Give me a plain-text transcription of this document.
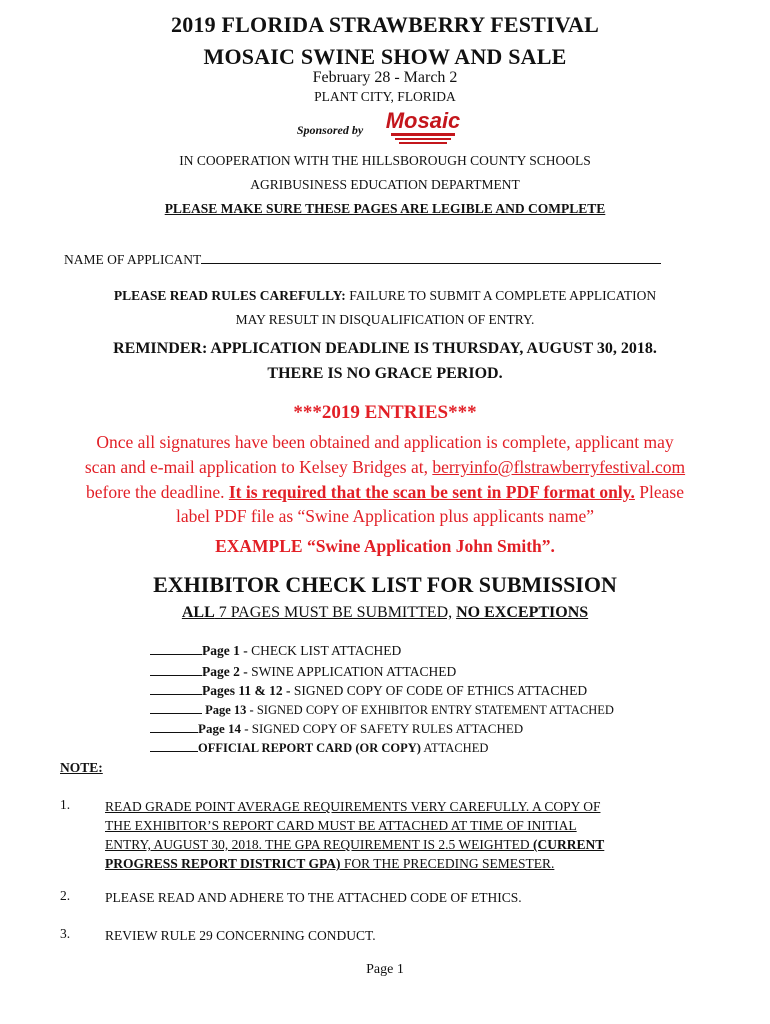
2019 FLORIDA STRAWBERRY FESTIVAL
MOSAIC SWINE SHOW AND SALE
February 28 - March 2
PLANT CITY, FLORIDA
Sponsored by Mosaic
IN COOPERATION WITH THE HILLSBOROUGH COUNTY SCHOOLS
AGRIBUSINESS EDUCATION DEPARTMENT
PLEASE MAKE SURE THESE PAGES ARE LEGIBLE AND COMPLETE
NAME OF APPLICANT
PLEASE READ RULES CAREFULLY: FAILURE TO SUBMIT A COMPLETE APPLICATION
MAY RESULT IN DISQUALIFICATION OF ENTRY.
REMINDER: APPLICATION DEADLINE IS THURSDAY, AUGUST 30, 2018.
THERE IS NO GRACE PERIOD.
***2019 ENTRIES***
Once all signatures have been obtained and application is complete, applicant may
scan and e-mail application to Kelsey Bridges at, berryinfo@flstrawberryfestival.com
before the deadline. It is required that the scan be sent in PDF format only. Please
label PDF file as “Swine Application plus applicants name”
EXAMPLE “Swine Application John Smith”.
EXHIBITOR CHECK LIST FOR SUBMISSION
ALL 7 PAGES MUST BE SUBMITTED, NO EXCEPTIONS
Page 1 - CHECK LIST ATTACHED
Page 2 - SWINE APPLICATION ATTACHED
Pages 11 & 12 - SIGNED COPY OF CODE OF ETHICS ATTACHED
Page 13 - SIGNED COPY OF EXHIBITOR ENTRY STATEMENT ATTACHED
Page 14 - SIGNED COPY OF SAFETY RULES ATTACHED
OFFICIAL REPORT CARD (OR COPY) ATTACHED
NOTE:
1.	READ GRADE POINT AVERAGE REQUIREMENTS VERY CAREFULLY. A COPY OF
THE EXHIBITOR’S REPORT CARD MUST BE ATTACHED AT TIME OF INITIAL
ENTRY, AUGUST 30, 2018. THE GPA REQUIREMENT IS 2.5 WEIGHTED (CURRENT
PROGRESS REPORT DISTRICT GPA) FOR THE PRECEDING SEMESTER.
2.	PLEASE READ AND ADHERE TO THE ATTACHED CODE OF ETHICS.
3.	REVIEW RULE 29 CONCERNING CONDUCT.
Page 1
